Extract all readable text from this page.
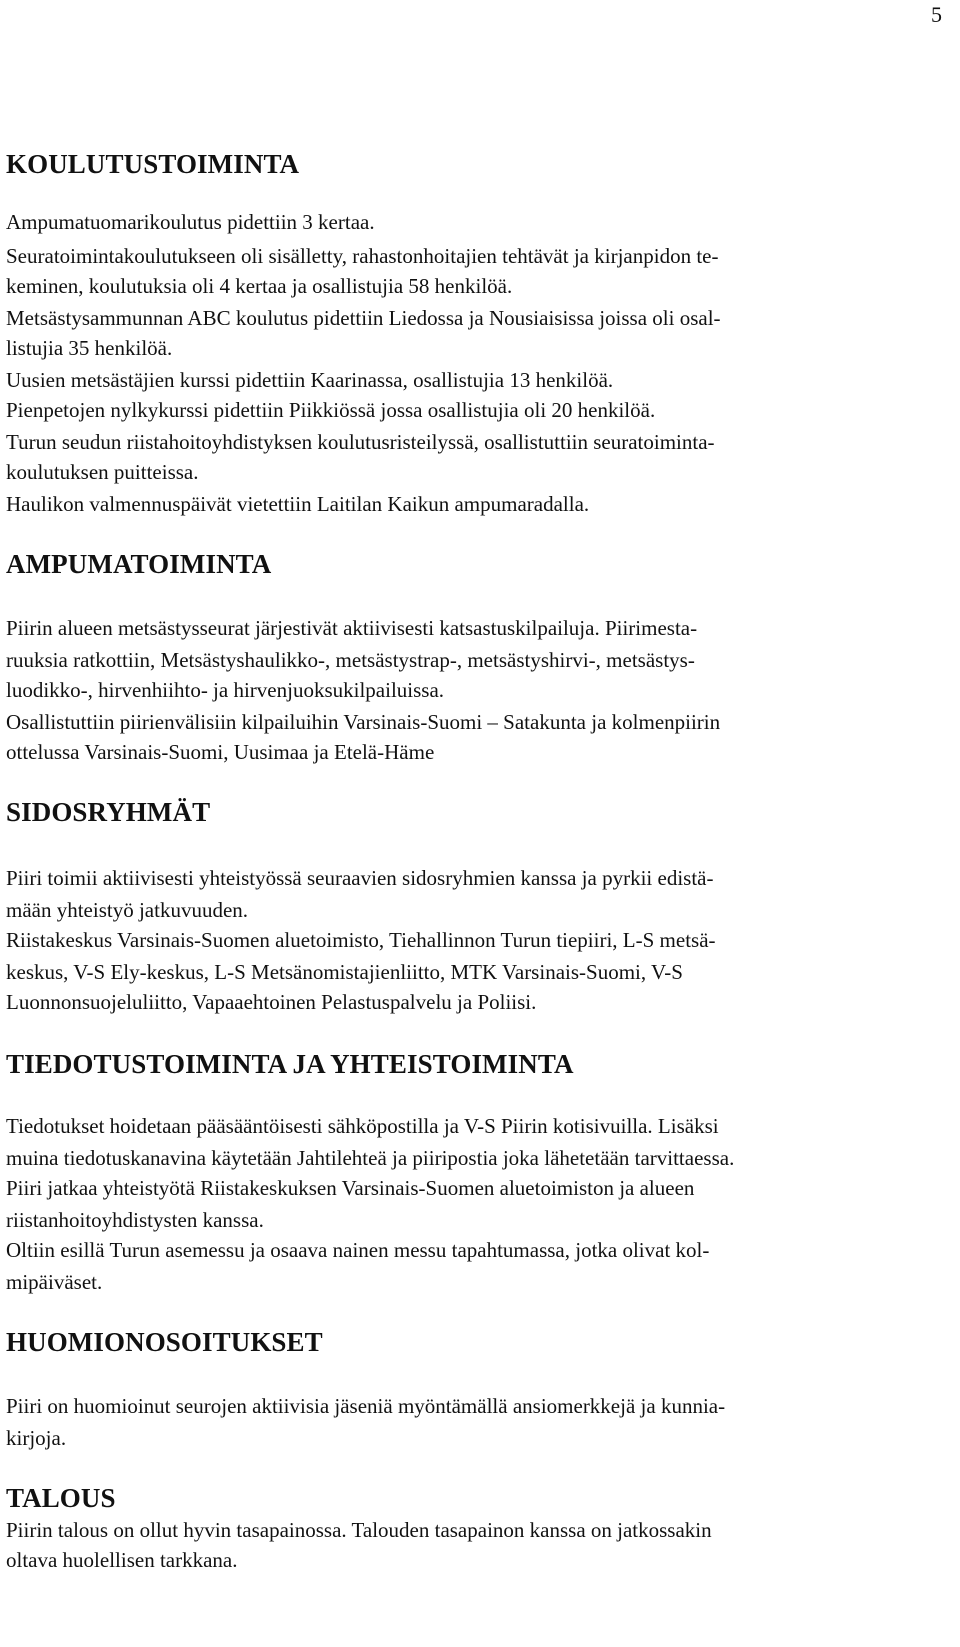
5
KOULUTUSTOIMINTA

Ampumatuomarikoulutus pidettiin 3 kertaa.

Seuratoimintakoulutukseen oli sisälletty, rahastonhoitajien tehtävät ja kirjanpidon te-

keminen, koulutuksia oli 4 kertaa ja osallistujia 58 henkilöä.

Metsästysammunnan ABC koulutus pidettiin Liedossa ja Nousiaisissa joissa oli osal-

listujia 35 henkilöä.

Uusien metsästäjien kurssi pidettiin Kaarinassa, osallistujia 13 henkilöä.

Pienpetojen nylkykurssi pidettiin Piikkiössä jossa osallistujia oli 20 henkilöä.

Turun seudun riistahoitoyhdistyksen koulutusristeilyssä, osallistuttiin seuratoiminta-

koulutuksen puitteissa.

Haulikon valmennuspäivät vietettiin Laitilan Kaikun ampumaradalla.

AMPUMATOIMINTA

Piirin alueen metsästysseurat järjestivät aktiivisesti katsastuskilpailuja. Piirimesta-

ruuksia ratkottiin, Metsästyshaulikko-, metsästystrap-, metsästyshirvi-, metsästys-

luodikko-, hirvenhiihto- ja hirvenjuoksukilpailuissa.

Osallistuttiin piirienvälisiin kilpailuihin Varsinais-Suomi – Satakunta ja kolmenpiirin

ottelussa Varsinais-Suomi, Uusimaa ja Etelä-Häme

SIDOSRYHMÄT

Piiri toimii aktiivisesti yhteistyössä seuraavien sidosryhmien kanssa ja pyrkii edistä-

mään yhteistyö jatkuvuuden.

Riistakeskus Varsinais-Suomen aluetoimisto, Tiehallinnon Turun tiepiiri, L-S metsä-

keskus, V-S Ely-keskus, L-S Metsänomistajienliitto, MTK Varsinais-Suomi, V-S

Luonnonsuojeluliitto, Vapaaehtoinen Pelastuspalvelu ja Poliisi.

TIEDOTUSTOIMINTA JA YHTEISTOIMINTA

Tiedotukset hoidetaan pääsääntöisesti sähköpostilla ja V-S Piirin kotisivuilla. Lisäksi

muina tiedotuskanavina käytetään Jahtilehteä ja piiripostia joka lähetetään tarvittaessa.

Piiri jatkaa yhteistyötä Riistakeskuksen Varsinais-Suomen aluetoimiston ja alueen

riistanhoitoyhdistysten kanssa.

Oltiin esillä Turun asemessu ja osaava nainen messu tapahtumassa, jotka olivat kol-

mipäiväset.

HUOMIONOSOITUKSET

Piiri on huomioinut seurojen aktiivisia jäseniä myöntämällä ansiomerkkejä ja kunnia-

kirjoja.

TALOUS

Piirin talous on ollut hyvin tasapainossa. Talouden tasapainon kanssa on jatkossakin

oltava huolellisen tarkkana.
